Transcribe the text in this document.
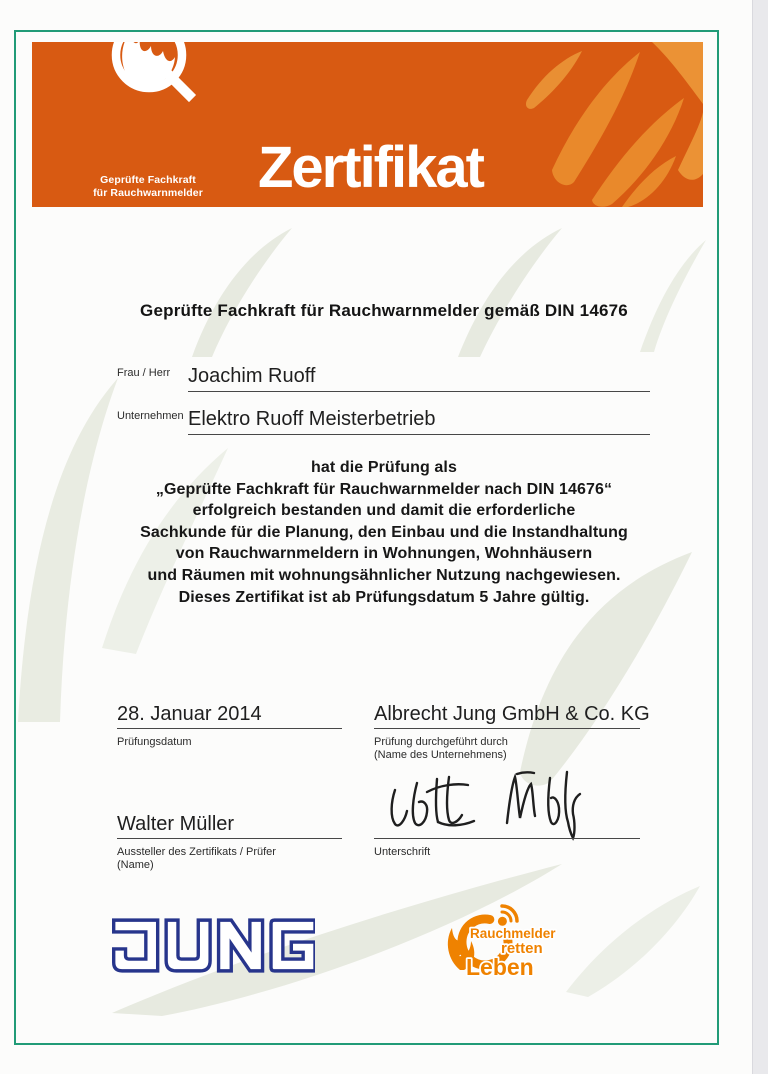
Geprüfte Fachkraft
für Rauchwarnmelder Zertifikat
Geprüfte Fachkraft für Rauchwarnmelder gemäß DIN 14676
Frau / Herr Joachim Ruoff
Unternehmen Elektro Ruoff Meisterbetrieb
hat die Prüfung als
„Geprüfte Fachkraft für Rauchwarnmelder nach DIN 14676“
erfolgreich bestanden und damit die erforderliche
Sachkunde für die Planung, den Einbau und die Instandhaltung
von Rauchwarnmeldern in Wohnungen, Wohnhäusern
und Räumen mit wohnungsähnlicher Nutzung nachgewiesen.
Dieses Zertifikat ist ab Prüfungsdatum 5 Jahre gültig.
28. Januar 2014
Prüfungsdatum
Albrecht Jung GmbH & Co. KG
Prüfung durchgeführt durch
(Name des Unternehmens)
Walter Müller
Aussteller des Zertifikats / Prüfer
(Name)
Unterschrift
Rauchmelder
retten
Leben
